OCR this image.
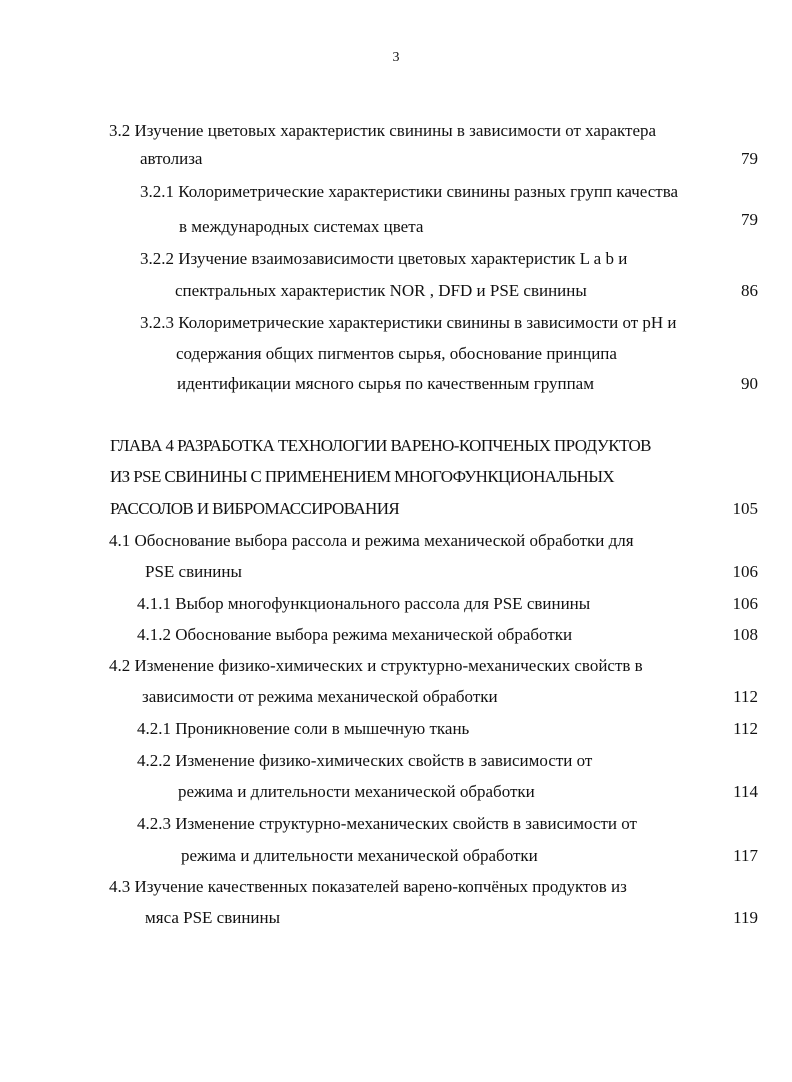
3
3.2 Изучение цветовых характеристик свинины в зависимости от характера
автолиза	79
3.2.1 Колориметрические характеристики свинины разных групп качества
в международных системах цвета	79
3.2.2 Изучение взаимозависимости цветовых характеристик L a b и
спектральных характеристик NOR , DFD и PSE свинины	86
3.2.3 Колориметрические характеристики свинины в зависимости от рН и
содержания общих пигментов сырья, обоснование принципа
идентификации мясного сырья по качественным группам	90
ГЛАВА 4 РАЗРАБОТКА ТЕХНОЛОГИИ ВАРЕНО-КОПЧЕНЫХ ПРОДУКТОВ
ИЗ PSE СВИНИНЫ С ПРИМЕНЕНИЕМ МНОГОФУНКЦИОНАЛЬНЫХ
РАССОЛОВ И ВИБРОМАССИРОВАНИЯ	105
4.1 Обоснование выбора рассола и режима механической обработки для
PSE свинины	106
4.1.1 Выбор многофункционального рассола для PSE свинины	106
4.1.2 Обоснование выбора режима механической обработки	108
4.2 Изменение физико-химических и структурно-механических свойств в
зависимости от режима механической обработки	112
4.2.1 Проникновение соли в мышечную ткань	112
4.2.2 Изменение физико-химических свойств в зависимости от
режима и длительности механической обработки	114
4.2.3 Изменение структурно-механических свойств в зависимости от
режима и длительности механической обработки	117
4.3 Изучение качественных показателей варено-копчёных продуктов из
мяса PSE свинины	119
